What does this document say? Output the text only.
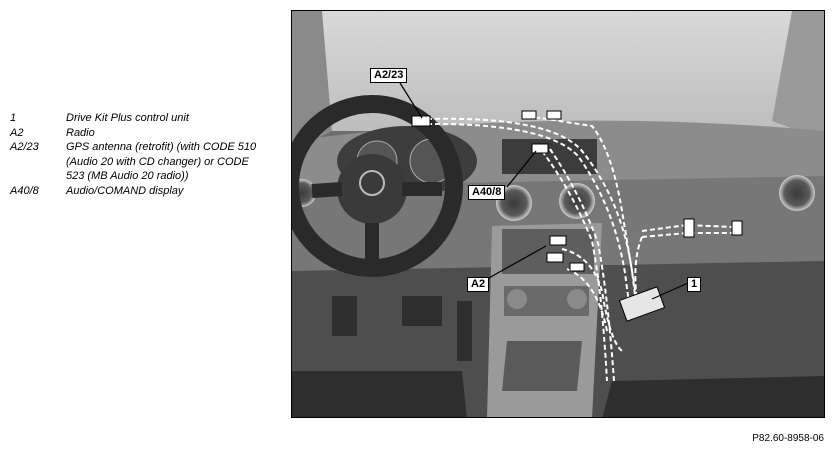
1	Drive Kit Plus control unit
A2	Radio
A2/23	GPS antenna (retrofit) (with CODE 510 (Audio 20 with CD changer) or CODE 523 (MB Audio 20 radio))
A40/8	Audio/COMAND display
A2/23
A40/8
A2	1
P82.60-8958-06
